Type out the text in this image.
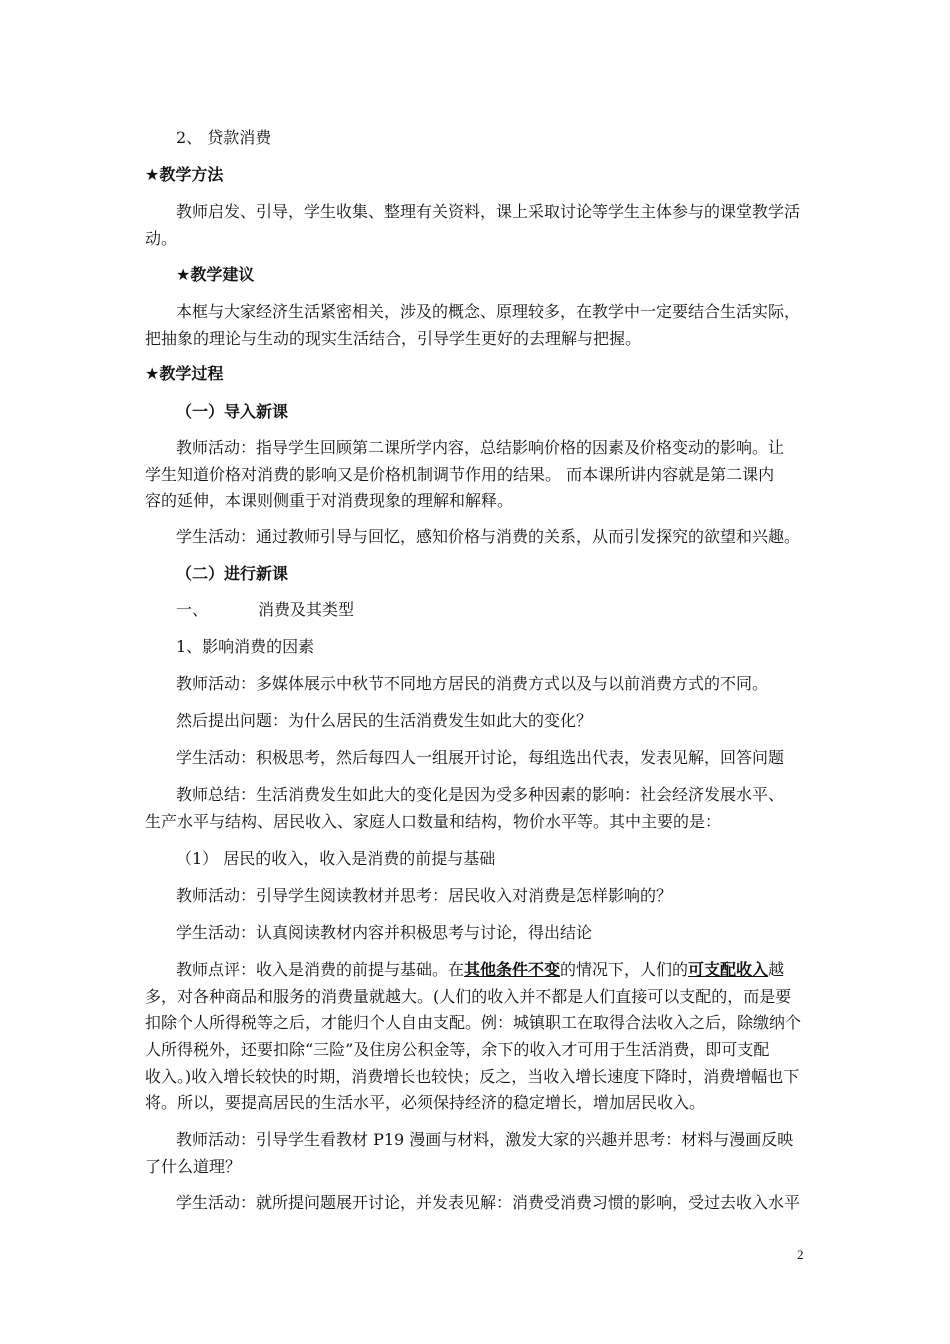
2、 贷款消费
★教学方法
教师启发、引导，学生收集、整理有关资料，课上采取讨论等学生主体参与的课堂教学活
动。
★教学建议
本框与大家经济生活紧密相关，涉及的概念、原理较多，在教学中一定要结合生活实际，
把抽象的理论与生动的现实生活结合，引导学生更好的去理解与把握。
★教学过程
（一）导入新课
教师活动：指导学生回顾第二课所学内容，总结影响价格的因素及价格变动的影响。让
学生知道价格对消费的影响又是价格机制调节作用的结果。 而本课所讲内容就是第二课内
容的延伸，本课则侧重于对消费现象的理解和解释。
学生活动：通过教师引导与回忆，感知价格与消费的关系，从而引发探究的欲望和兴趣。
（二）进行新课
一、	消费及其类型
1、影响消费的因素
教师活动：多媒体展示中秋节不同地方居民的消费方式以及与以前消费方式的不同。
然后提出问题：为什么居民的生活消费发生如此大的变化？
学生活动：积极思考，然后每四人一组展开讨论，每组选出代表，发表见解，回答问题
教师总结：生活消费发生如此大的变化是因为受多种因素的影响：社会经济发展水平、
生产水平与结构、居民收入、家庭人口数量和结构，物价水平等。其中主要的是：
（1） 居民的收入，收入是消费的前提与基础
教师活动：引导学生阅读教材并思考：居民收入对消费是怎样影响的？
学生活动：认真阅读教材内容并积极思考与讨论，得出结论
教师点评：收入是消费的前提与基础。在其他条件不变的情况下，人们的可支配收入越
多，对各种商品和服务的消费量就越大。(人们的收入并不都是人们直接可以支配的，而是要
扣除个人所得税等之后，才能归个人自由支配。例：城镇职工在取得合法收入之后，除缴纳个
人所得税外，还要扣除“三险”及住房公积金等，余下的收入才可用于生活消费，即可支配
收入。)收入增长较快的时期，消费增长也较快；反之，当收入增长速度下降时，消费增幅也下
将。所以，要提高居民的生活水平，必须保持经济的稳定增长，增加居民收入。
教师活动：引导学生看教材 P19 漫画与材料，激发大家的兴趣并思考：材料与漫画反映
了什么道理？
学生活动：就所提问题展开讨论，并发表见解：消费受消费习惯的影响，受过去收入水平
2
